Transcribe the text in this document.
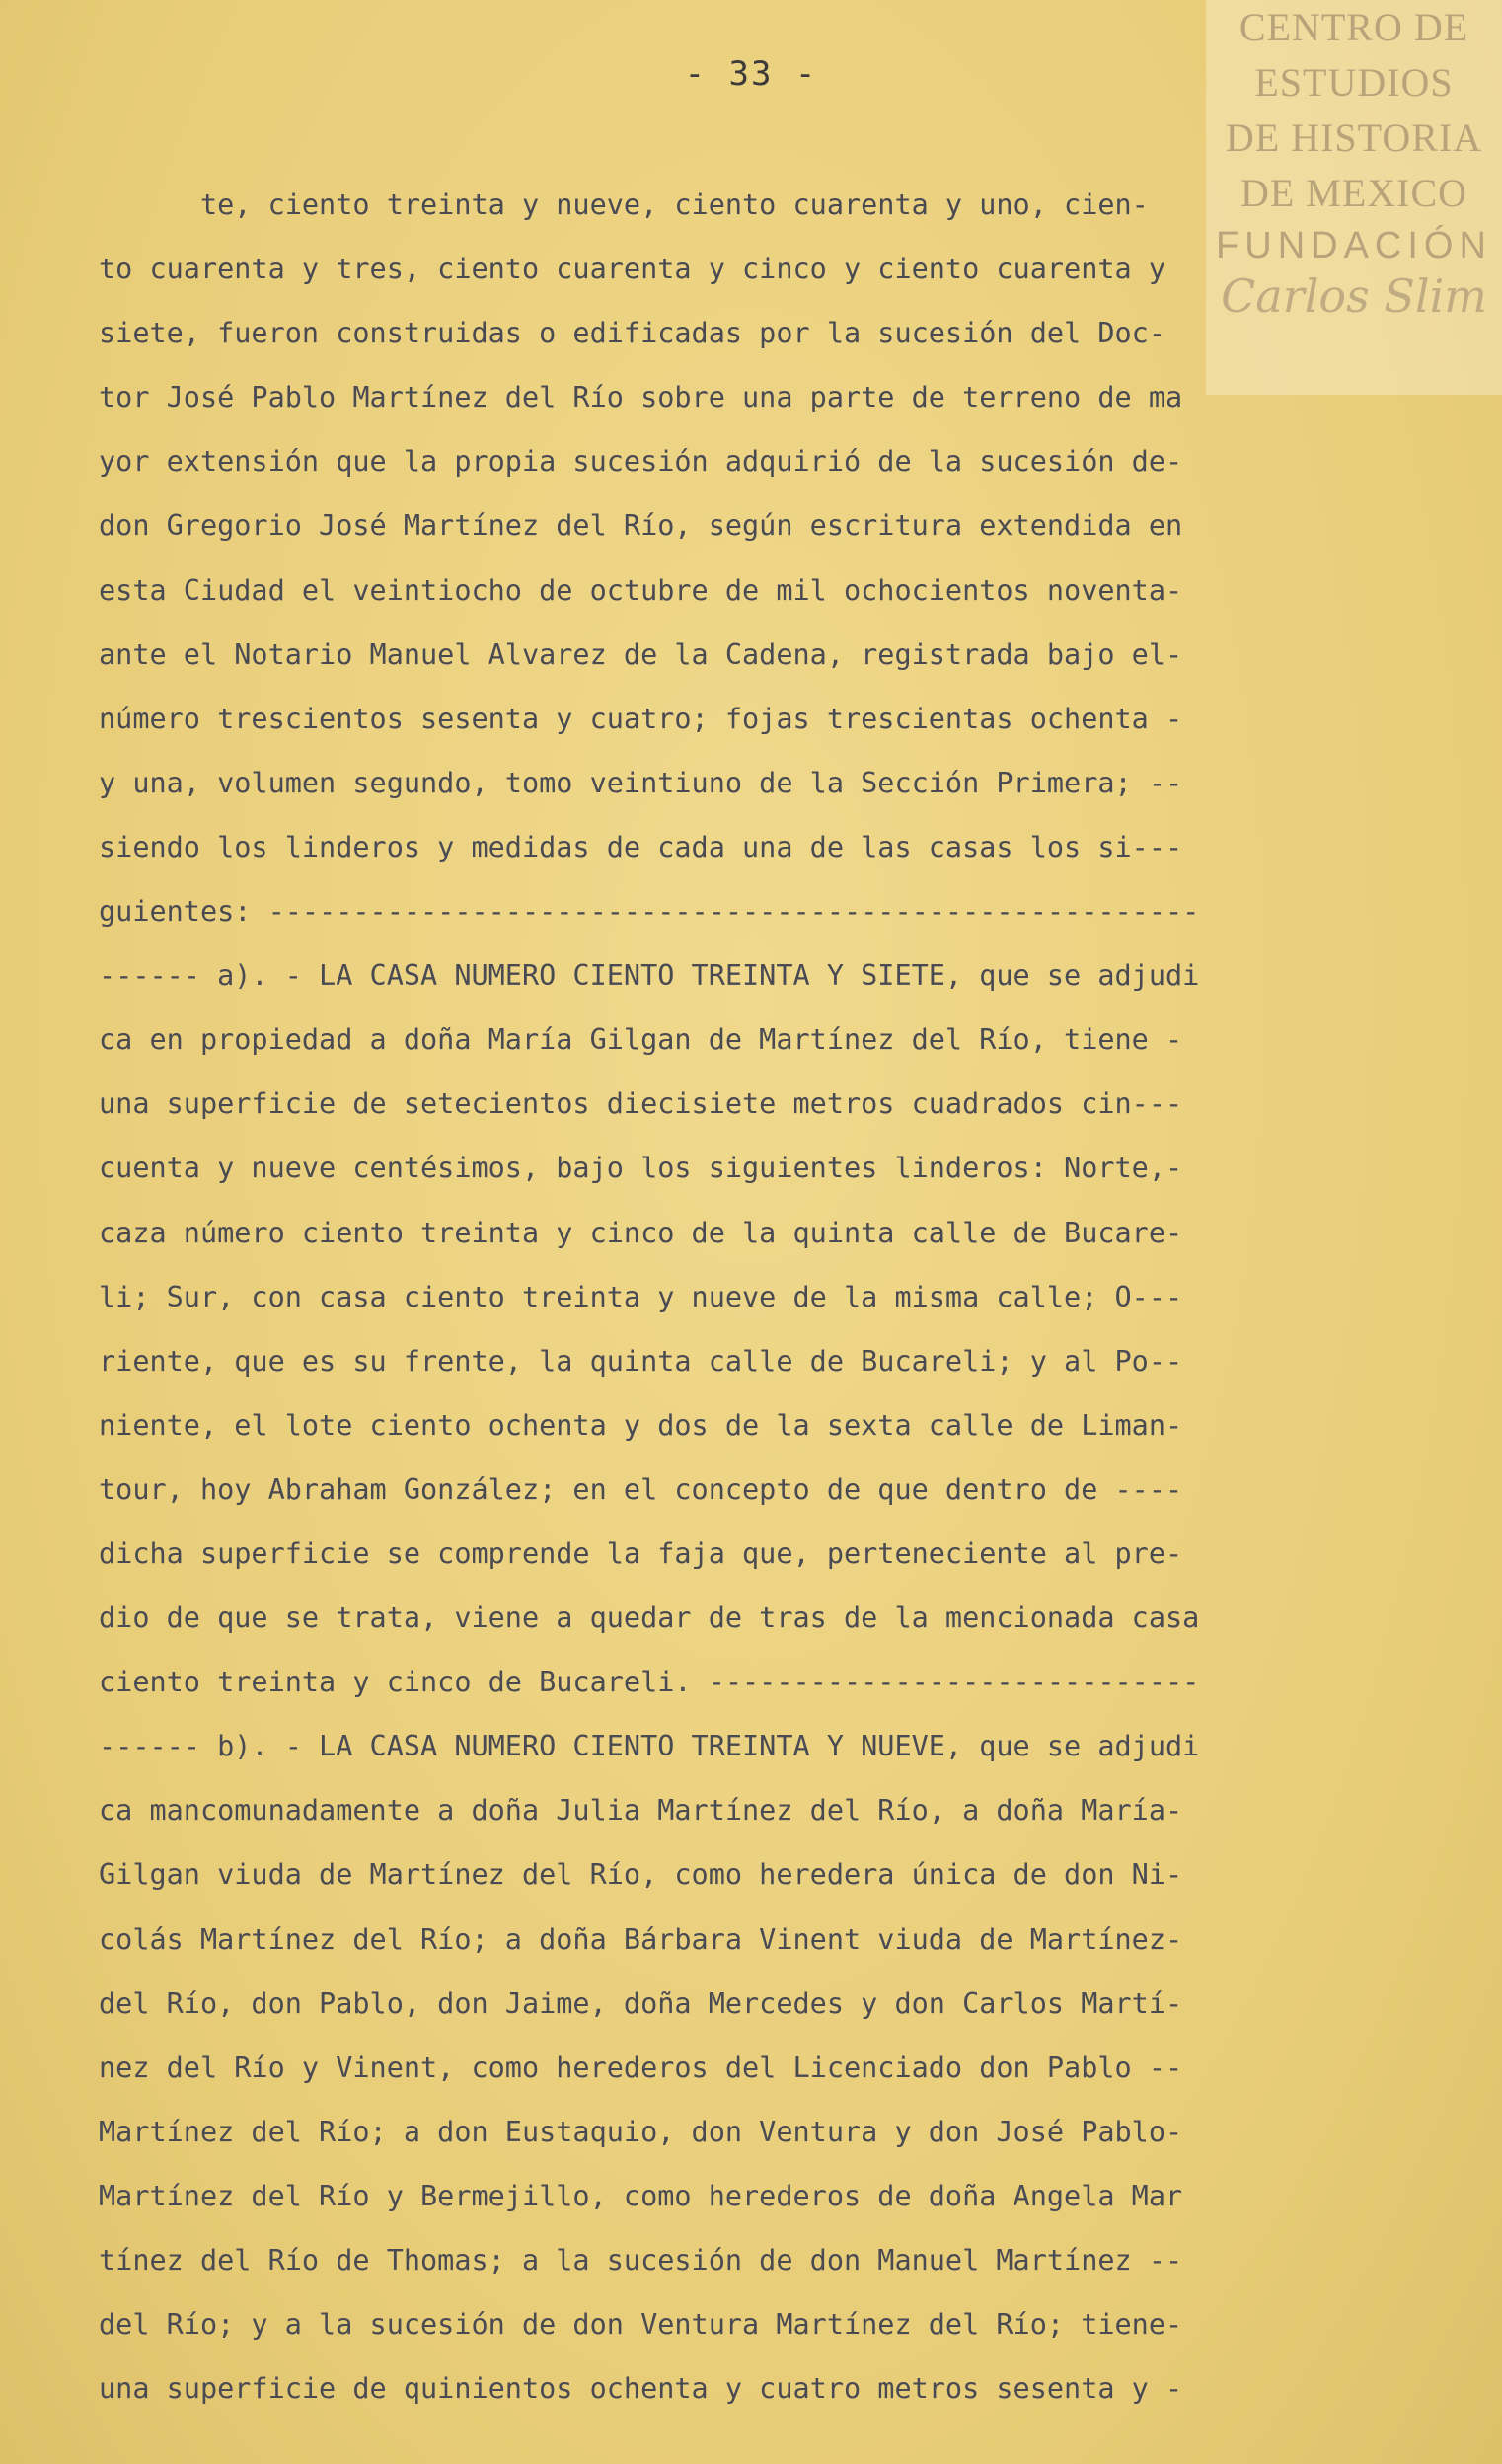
CENTRO DE
ESTUDIOS
DE HISTORIA
DE MEXICO
FUNDACIÓN
Carlos Slim
- 33 -
te, ciento treinta y nueve, ciento cuarenta y uno, cien-
to cuarenta y tres, ciento cuarenta y cinco y ciento cuarenta y
siete, fueron construidas o edificadas por la sucesión del Doc-
tor José Pablo Martínez del Río sobre una parte de terreno de ma
yor extensión que la propia sucesión adquirió de la sucesión de-
don Gregorio José Martínez del Río, según escritura extendida en
esta Ciudad el veintiocho de octubre de mil ochocientos noventa-
ante el Notario Manuel Alvarez de la Cadena, registrada bajo el-
número trescientos sesenta y cuatro; fojas trescientas ochenta -
y una, volumen segundo, tomo veintiuno de la Sección Primera; --
siendo los linderos y medidas de cada una de las casas los si---
guientes: -------------------------------------------------------
------ a). - LA CASA NUMERO CIENTO TREINTA Y SIETE, que se adjudi
ca en propiedad a doña María Gilgan de Martínez del Río, tiene -
una superficie de setecientos diecisiete metros cuadrados cin---
cuenta y nueve centésimos, bajo los siguientes linderos: Norte,-
caza número ciento treinta y cinco de la quinta calle de Bucare-
li; Sur, con casa ciento treinta y nueve de la misma calle; O---
riente, que es su frente, la quinta calle de Bucareli; y al Po--
niente, el lote ciento ochenta y dos de la sexta calle de Liman-
tour, hoy Abraham González; en el concepto de que dentro de ----
dicha superficie se comprende la faja que, perteneciente al pre-
dio de que se trata, viene a quedar de tras de la mencionada casa
ciento treinta y cinco de Bucareli. -----------------------------
------ b). - LA CASA NUMERO CIENTO TREINTA Y NUEVE, que se adjudi
ca mancomunadamente a doña Julia Martínez del Río, a doña María-
Gilgan viuda de Martínez del Río, como heredera única de don Ni-
colás Martínez del Río; a doña Bárbara Vinent viuda de Martínez-
del Río, don Pablo, don Jaime, doña Mercedes y don Carlos Martí-
nez del Río y Vinent, como herederos del Licenciado don Pablo --
Martínez del Río; a don Eustaquio, don Ventura y don José Pablo-
Martínez del Río y Bermejillo, como herederos de doña Angela Mar
tínez del Río de Thomas; a la sucesión de don Manuel Martínez --
del Río; y a la sucesión de don Ventura Martínez del Río; tiene-
una superficie de quinientos ochenta y cuatro metros sesenta y -
